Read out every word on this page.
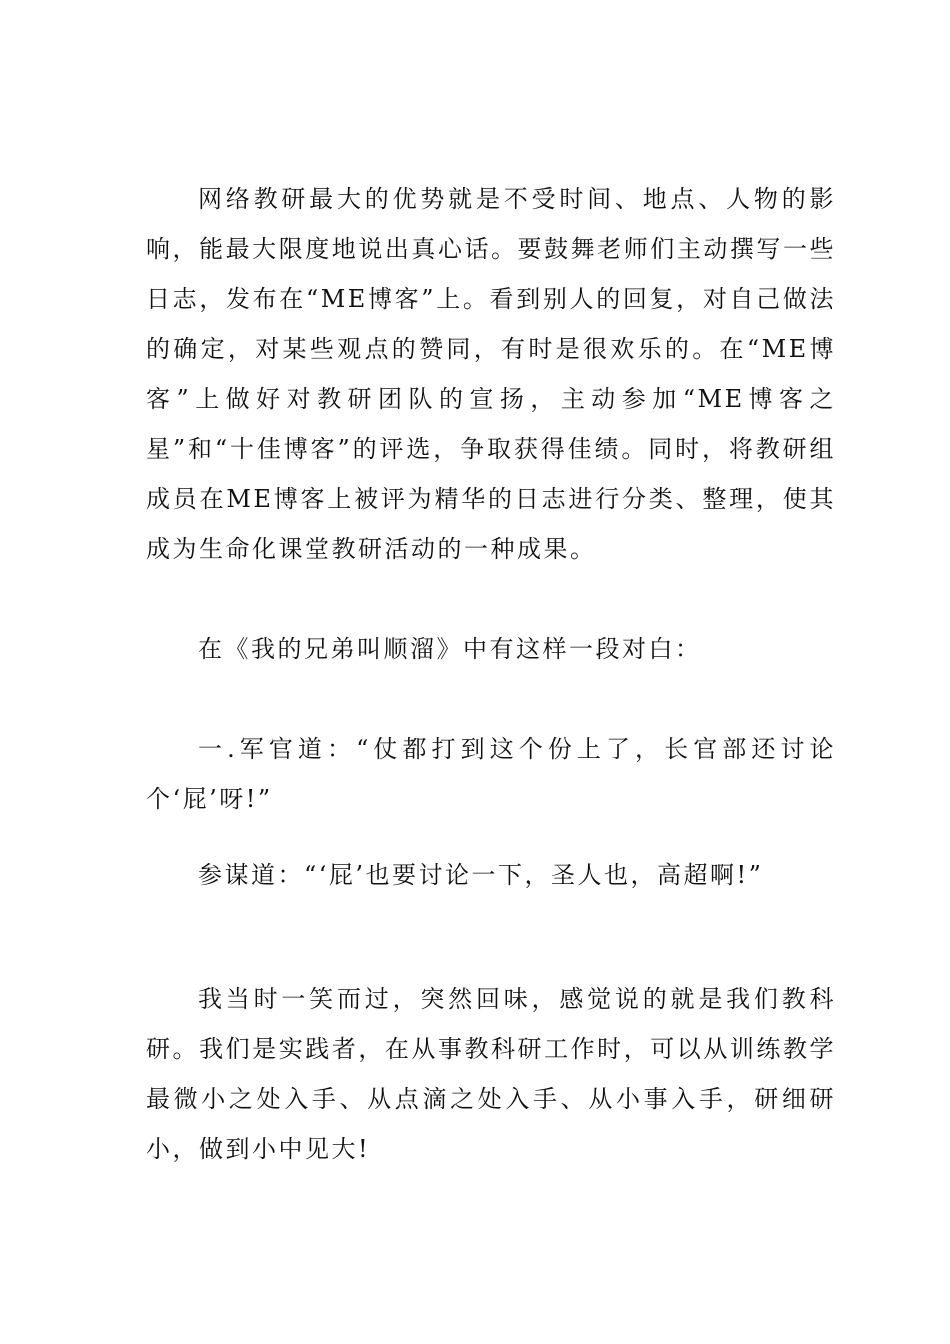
网络教研最大的优势就是不受时间、地点、人物的影响，能最大限度地说出真心话。要鼓舞老师们主动撰写一些日志，发布在“ME博客”上。看到别人的回复，对自己做法的确定，对某些观点的赞同，有时是很欢乐的。在“ME博客”上做好对教研团队的宣扬，主动参加“ME博客之星”和“十佳博客”的评选，争取获得佳绩。同时，将教研组成员在ME博客上被评为精华的日志进行分类、整理，使其成为生命化课堂教研活动的一种成果。

在《我的兄弟叫顺溜》中有这样一段对白：

一.军官道：“仗都打到这个份上了，长官部还讨论个‘屁’呀!”

参谋道：“‘屁’也要讨论一下，圣人也，高超啊!”

我当时一笑而过，突然回味，感觉说的就是我们教科研。我们是实践者，在从事教科研工作时，可以从训练教学最微小之处入手、从点滴之处入手、从小事入手，研细研小，做到小中见大!
